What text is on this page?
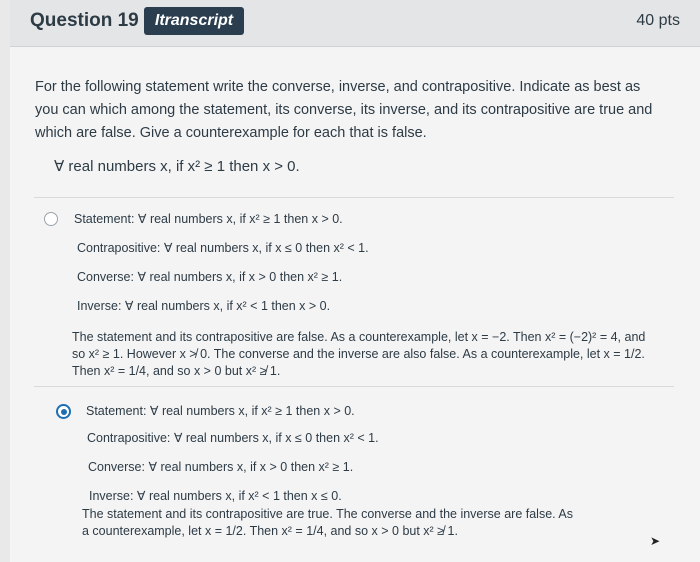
Question 19	Itranscript	40 pts
For the following statement write the converse, inverse, and contrapositive. Indicate as best as you can which among the statement, its converse, its inverse, and its contrapositive are true and which are false. Give a counterexample for each that is false.
∀ real numbers x, if x² ≥ 1 then x > 0.
Statement: ∀ real numbers x, if x² ≥ 1 then x > 0.
Contrapositive: ∀ real numbers x, if x ≤ 0 then x² < 1.
Converse: ∀ real numbers x, if x > 0 then x² ≥ 1.
Inverse: ∀ real numbers x, if x² < 1 then x > 0.
The statement and its contrapositive are false. As a counterexample, let x = −2. Then x² = (−2)² = 4, and so x² ≥ 1. However x ≯ 0. The converse and the inverse are also false. As a counterexample, let x = 1/2. Then x² = 1/4, and so x > 0 but x² ≱ 1.
Statement: ∀ real numbers x, if x² ≥ 1 then x > 0.
Contrapositive: ∀ real numbers x, if x ≤ 0 then x² < 1.
Converse: ∀ real numbers x, if x > 0 then x² ≥ 1.
Inverse: ∀ real numbers x, if x² < 1 then x ≤ 0.
The statement and its contrapositive are true. The converse and the inverse are false. As a counterexample, let x = 1/2. Then x² = 1/4, and so x > 0 but x² ≱ 1.
➤
